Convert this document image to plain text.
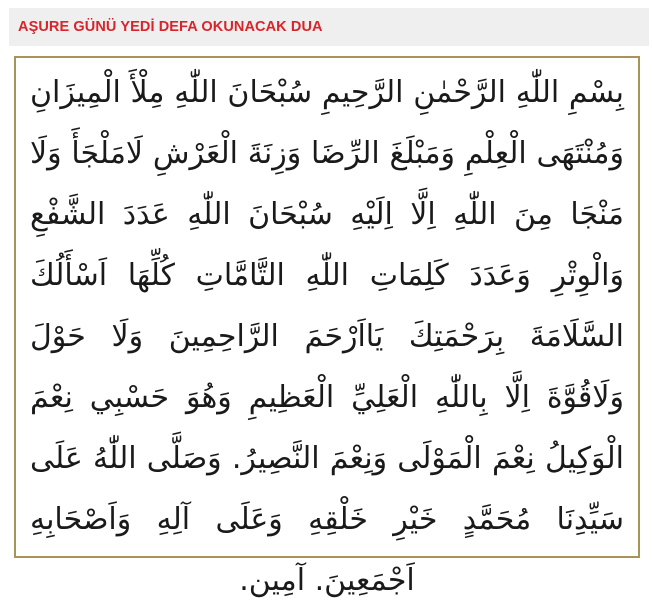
AŞURE GÜNÜ YEDİ DEFA OKUNACAK DUA

بِسْمِ اللّٰهِ الرَّحْمٰنِ الرَّحِيمِ سُبْحَانَ اللّٰهِ مِلْأَ الْمِيزَانِ وَمُنْتَهَى الْعِلْمِ وَمَبْلَغَ الرِّضَا وَزِنَةَ الْعَرْشِ لَامَلْجَأَ وَلَا مَنْجَا مِنَ اللّٰهِ اِلَّا اِلَيْهِ سُبْحَانَ اللّٰهِ عَدَدَ الشَّفْعِ وَالْوِتْرِ وَعَدَدَ كَلِمَاتِ اللّٰهِ التَّامَّاتِ كُلِّهَا اَسْأَلُكَ السَّلَامَةَ بِرَحْمَتِكَ يَااَرْحَمَ الرَّاحِمِينَ وَلَا حَوْلَ وَلَاقُوَّةَ اِلَّا بِاللّٰهِ الْعَلِيِّ الْعَظِيمِ وَهُوَ حَسْبِي نِعْمَ الْوَكِيلُ نِعْمَ الْمَوْلَى وَنِعْمَ النَّصِيرُ. وَصَلَّى اللّٰهُ عَلَى سَيِّدِنَا مُحَمَّدٍ خَيْرِ خَلْقِهِ وَعَلَى آلِهِ وَاَصْحَابِهِ اَجْمَعِينَ. آمِين.
